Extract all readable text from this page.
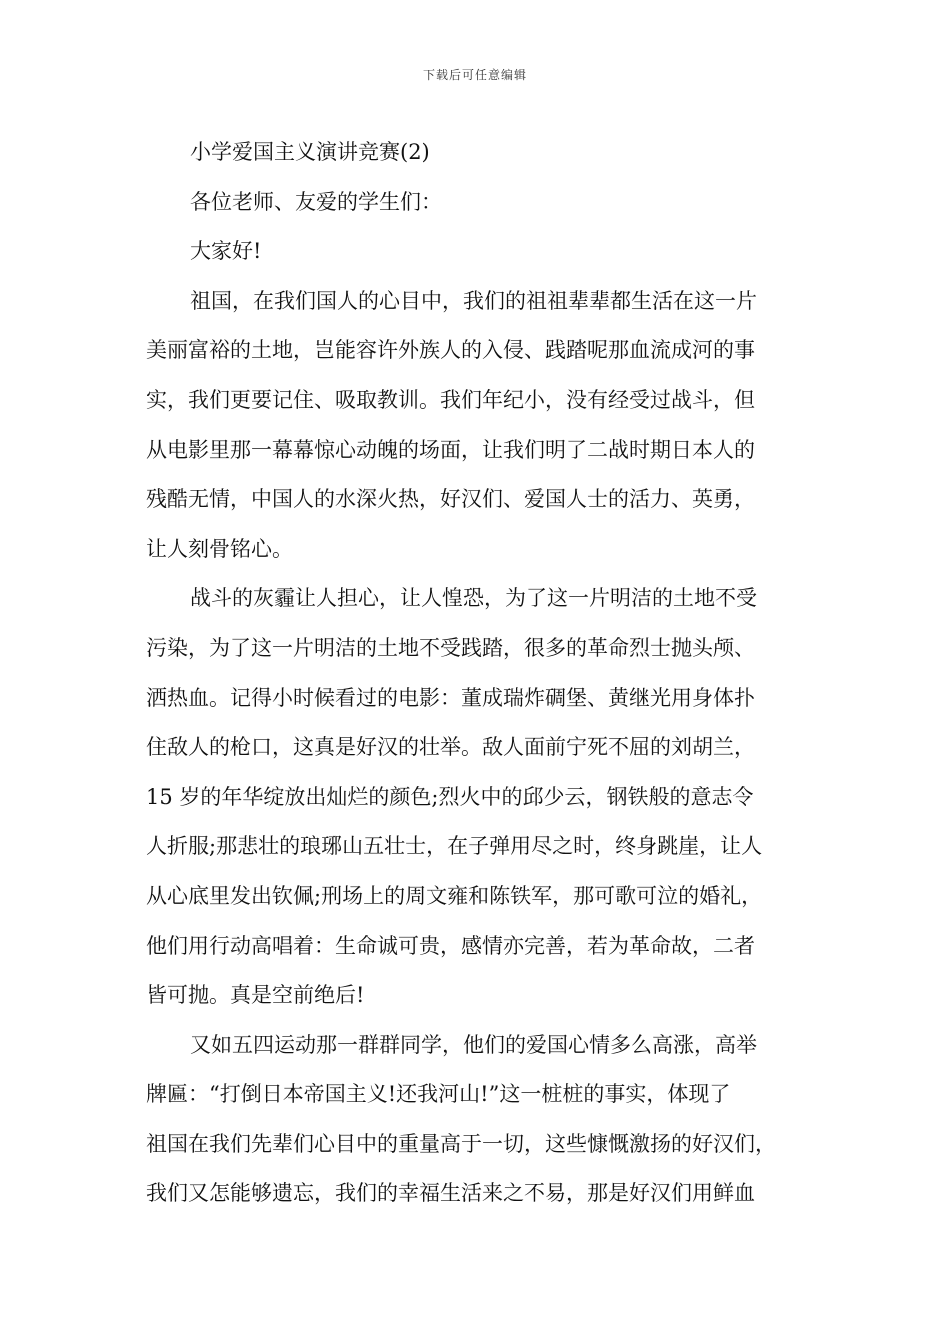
下载后可任意编辑
小学爱国主义演讲竞赛(2)
各位老师、友爱的学生们：
大家好!
祖国，在我们国人的心目中，我们的祖祖辈辈都生活在这一片
美丽富裕的土地，岂能容许外族人的入侵、践踏呢那血流成河的事
实，我们更要记住、吸取教训。我们年纪小，没有经受过战斗，但
从电影里那一幕幕惊心动魄的场面，让我们明了二战时期日本人的
残酷无情，中国人的水深火热，好汉们、爱国人士的活力、英勇，
让人刻骨铭心。
战斗的灰霾让人担心，让人惶恐，为了这一片明洁的土地不受
污染，为了这一片明洁的土地不受践踏，很多的革命烈士抛头颅、
洒热血。记得小时候看过的电影：董成瑞炸碉堡、黄继光用身体扑
住敌人的枪口，这真是好汉的壮举。敌人面前宁死不屈的刘胡兰，
15 岁的年华绽放出灿烂的颜色;烈火中的邱少云，钢铁般的意志令
人折服;那悲壮的琅琊山五壮士，在子弹用尽之时，终身跳崖，让人
从心底里发出钦佩;刑场上的周文雍和陈铁军，那可歌可泣的婚礼，
他们用行动高唱着：生命诚可贵，感情亦完善，若为革命故，二者
皆可抛。真是空前绝后!
又如五四运动那一群群同学，他们的爱国心情多么高涨，高举
牌匾：“打倒日本帝国主义!还我河山!”这一桩桩的事实，体现了
祖国在我们先辈们心目中的重量高于一切，这些慷慨激扬的好汉们，
我们又怎能够遗忘，我们的幸福生活来之不易，那是好汉们用鲜血
